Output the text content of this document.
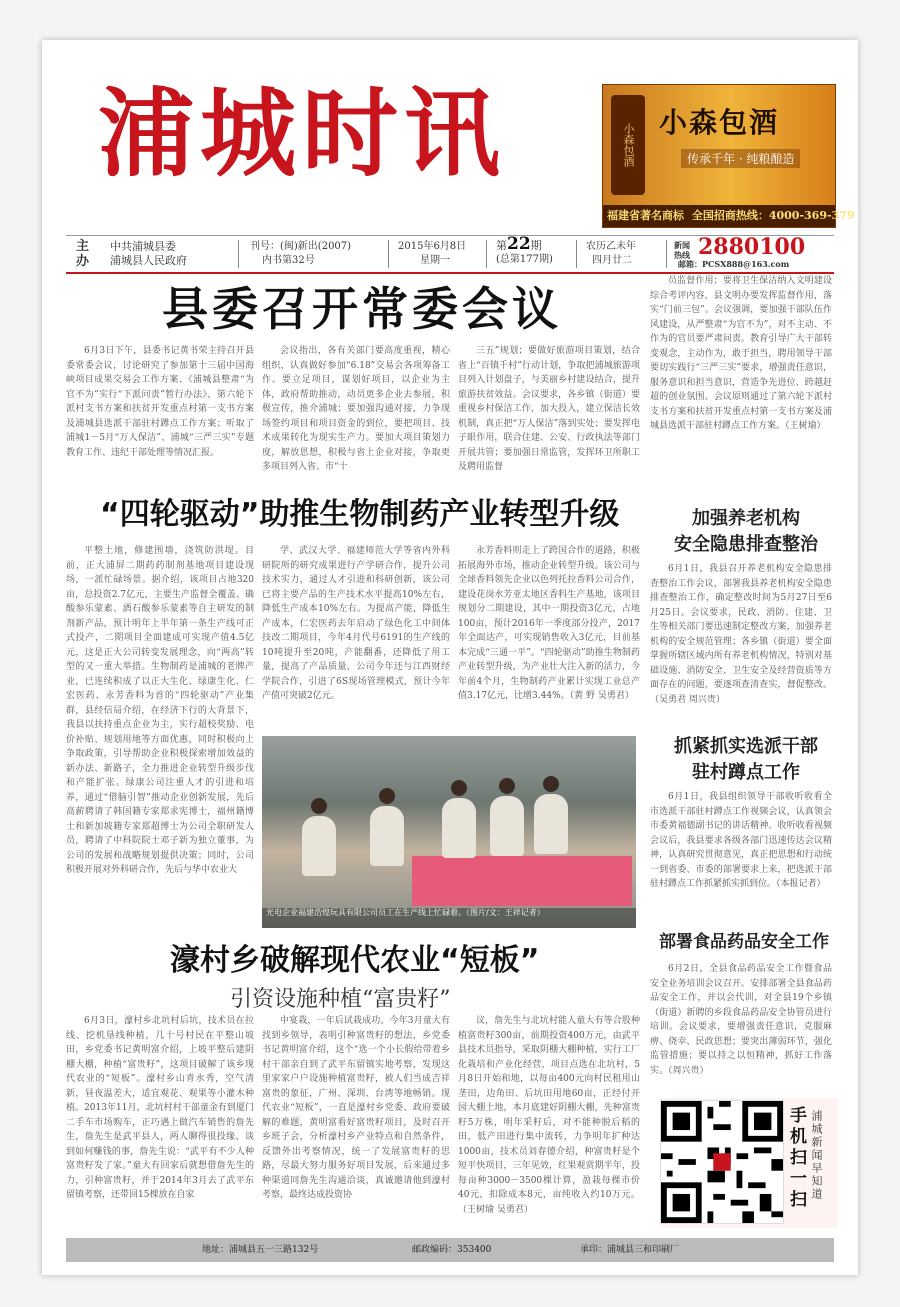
浦城时讯	小森包酒
小森包酒
传承千年 · 纯粮酿造
福建省著名商标 全国招商热线：4000-369-379
主办
中共浦城县委
浦城县人民政府
刊号：(闽)新出(2007)
内书第32号
2015年6月8日
星期一
第22期
(总第177期)
农历乙未年
四月廿二
新闻
热线 2880100
邮箱：PCSX888@163.com
县委召开常委会议

6月3日下午，县委书记黄书荣主持召开县委常委会议，讨论研究了参加第十三届中国海峡项目成果交易会工作方案、《浦城县整肃“为官不为”实行“下派问责”暂行办法》，第六轮下派村支书方案和扶贫开发重点村第一支书方案及浦城县选派干部驻村蹲点工作方案；听取了浦城1－5月“万人保洁”、浦城“三严三实”专题教育工作、违纪干部处理等情况汇报。

会议指出，各有关部门要高度重视，精心组织，认真做好参加“6.18”交易会各项筹备工作。要立足项目，谋划好项目，以企业为主体，政府帮助推动，动员更多企业去参展，积极宣传，推介浦城；要加强沟通对接，力争现场签约项目和项目资金的到位，要把项目、技术成果转化为现实生产力。要加大项目策划力度，解放思想，积极与省上企业对接，争取更多项目列入省、市“十

三五”规划；要做好旅游项目策划，结合省上“百镇千村”行动计划，争取把浦城旅游项目列入计划盘子，与美丽乡村建设结合，提升旅游扶贫效益。会议要求，各乡镇（街道）要重视乡村保洁工作，加大投入，建立保洁长效机制，真正把“万人保洁”落到实处；要发挥电子眼作用，联合住建、公安、行政执法等部门开展共管；要加强日常监管，发挥环卫所职工及聘用监督

员监督作用；要将卫生保洁纳入文明建设综合考评内容，县文明办要发挥监督作用，落实“门前三包”。会议强调，要加强干部队伍作风建设，从严整肃“为官不为”，对不主动、不作为的官员要严肃问责。教育引导广大干部转变观念，主动作为，敢于担当，聘用领导干部要切实践行“三严三实”要求，增强责任意识，服务意识和担当意识，营造争先进位、跨越赶超的创业氛围。会议原则通过了第六轮下派村支书方案和扶贫开发重点村第一支书方案及浦城县选派干部驻村蹲点工作方案。（王树瑜）

“四轮驱动”助推生物制药产业转型升级

平整土地，修建围墙，浇筑防洪堤。目前，正大浦屏二期药药制剂基地项目建设现场，一派忙碌场景。据介绍，该项目占地320亩，总投资2.7亿元，主要生产监督全覆盖、确酸参乐蒙素、酒石酸参乐蒙素等自主研发的制剂新产品，预计明年上半年第一条生产线可正式投产，二期项目全面建成可实现产值4.5亿元，这是正大公司转变发展理念，向“两高”转型的又一重大举措。生物制药是浦城的老牌产业，已连续积成了以正大生化、绿康生化、仁宏医药、永芳香料为首的“四轮驱动”产业集群，县经信局介绍，在经济下行的大背景下，我县以扶持重点企业为主，实行超校奖励、电价补贴、规划用地等方面优惠，同时积极向上争取政策，引导帮助企业积极探索增加效益的新办法、新路子，全力推进企业转型升级步伐和产能扩张。绿康公司注重人才的引进和培养，通过“借脑引智”推动企业创新发展，先后高薪聘请了韩国籍专家郑求宪博士，福州籍博士和新加坡籍专家郑超博士为公司全职研发人员，聘请了中科院院士邓子新为独立董事，为公司的发展和战略规划提供决策；同时，公司积极开展对外科研合作，先后与华中农业大

学、武汉大学、福建师范大学等省内外科研院所的研究成果进行产学研合作，提升公司技术实力，通过人才引进和科研创新，该公司已将主要产品的生产技术水平提高10%左右，降低生产成本10%左右。为提高产能，降低生产成本，仁宏医药去年启动了绿色化工中间体技改二期项目，今年4月代号6191的生产线的10吨提升至20吨，产能翻番，还降低了用工量，提高了产品质量，公司今年还与江西财经学院合作，引进了6S现场管理模式，预计今年产值可突破2亿元。

永芳香料则走上了跨国合作的道路，积极拓展海外市场，推动企业转型升级。该公司与全球香料领先企业以色列托拉香料公司合作，建设花岗水芳亚太地区香料生产基地，该项目规划分二期建设，其中一期投资3亿元，占地100亩，预计2016年一季度部分投产，2017年全面达产，可实现销售收入3亿元，目前基本完成“三通一平”。“四轮驱动”助推生物制药产业转型升级，为产业壮大注入新的活力，今年前4个月，生物制药产业累计实现工业总产值3.17亿元，比增3.44%。（黄 野 吴勇君）

光电企业福建浩煌玩具有限公司员工在生产线上忙碌着。（图片/文：王祥记者）
濠村乡破解现代农业“短板”
引资设施种植“富贵籽”

6月3日，濠村乡北坑村后坑，技术员在拉线、挖机垦线种植，几十号村民在平整山坡田，乡党委书记黄明富介绍，上坡平整后建阴棚大棚，种植“富贵籽”，这项目破解了该乡现代农业的“短板”。濠村乡山青水秀，空气清新，昼夜温差大，适宜观花、观果等小灌木种植。2013年11月，北坑村村干部童金有到厦门二手车市场购车，正巧遇上做汽车销售的詹先生，詹先生是武平县人，两人聊得很投缘，谈到如何赚钱的事，詹先生说：“武平有不少人种富贵籽发了家。”童大有回家后就想借詹先生的力，引种富贵籽，并于2014年3月去了武平东留镇考察，还带回15棵放在自家

中宴栽，一年后试栽成功。今年3月童大有找到乡领导，表明引种富贵籽的想法，乡党委书记黄明富介绍，这个“选一个小长假给带着乡村干部亲自到了武平东留镇实地考察，发现这里家家户户设施种植富贵籽，被人们当成吉祥富贵的象征，广州、深圳、台湾等地畅销。现代农业“短板”，一直是濠村乡党委、政府要破解的难题，黄明富看好富贵籽项目，及时召开乡班子会，分析濠村乡产业特点和自然条件，反馈外出考察情况，统一了发展富贵籽的思路，尽最大努力服务好项目发展，后来通过多种渠道同詹先生沟通洽谈，真诚邀请他到濠村考察，最终达成投资协

议，詹先生与北坑村能人童大有等合股种植富贵籽300亩，前期投资400万元，由武平县技术员指导，采取阴棚大棚种植，实行工厂化栽培和产业化经营，项目点选在北坑村，5月8日开始和地，以每亩400元向村民租用山垄田，边角田、后坑田用地60亩，正经付开园大棚土地，本月底建好阴棚大棚，先种富贵籽5万株，明年采籽后，对不能种脱后稻的田，低产田进行集中流转，力争明年扩种达1000亩，技术员刘春德介绍，种富贵籽是个短平快项目，三年见效，红果观赏期半年，投每亩种3000－3500棵计算，盈栽每棵市价40元，扣除成本8元，亩纯收入约10万元。（王树瑜 吴勇君）

加强养老机构
安全隐患排查整治

6月1日，我县召开养老机构安全隐患排查整治工作会议，部署我县养老机构安全隐患排查整治工作，确定整改时间为5月27日至6月25日。会议要求，民政、消防、住建、卫生等相关部门要迅速制定整改方案，加强养老机构的安全规范管理；各乡镇（街道）要全面掌握所辖区域内所有养老机构情况，特别对基础设施、消防安全、卫生安全及经营资质等方面存在的问题，要逐项查清查实，督促整改。（吴勇君 周兴贵）

抓紧抓实选派干部
驻村蹲点工作

6月1日，我县组织领导干部收听收看全市选派干部驻村蹲点工作视频会议，认真领会市委黄福德副书记的讲话精神。收听收看视频会议后，我县要求各级各部门迅速传达会议精神，认真研究贯彻意见，真正把思想和行动统一到省委、市委的部署要求上来，把选派干部驻村蹲点工作抓紧抓实抓到位。（本报记者）

部署食品药品安全工作

6月2日，全县食品药品安全工作暨食品安全业务培训会议召开。安排部署全县食品药品安全工作，并以会代训，对全县19个乡镇（街道）新聘的乡段食品药品安全协管员进行培训。会议要求，要增强责任意识，克服麻痹、侥幸、民政思想；要突出薄弱环节，强化监管措施；要以持之以恒精神，抓好工作落实。（周兴贵）

手机扫一扫 浦城新闻早知道
地址：浦城县五一三路132号	邮政编码：353400	承印：浦城县三和印刷厂
